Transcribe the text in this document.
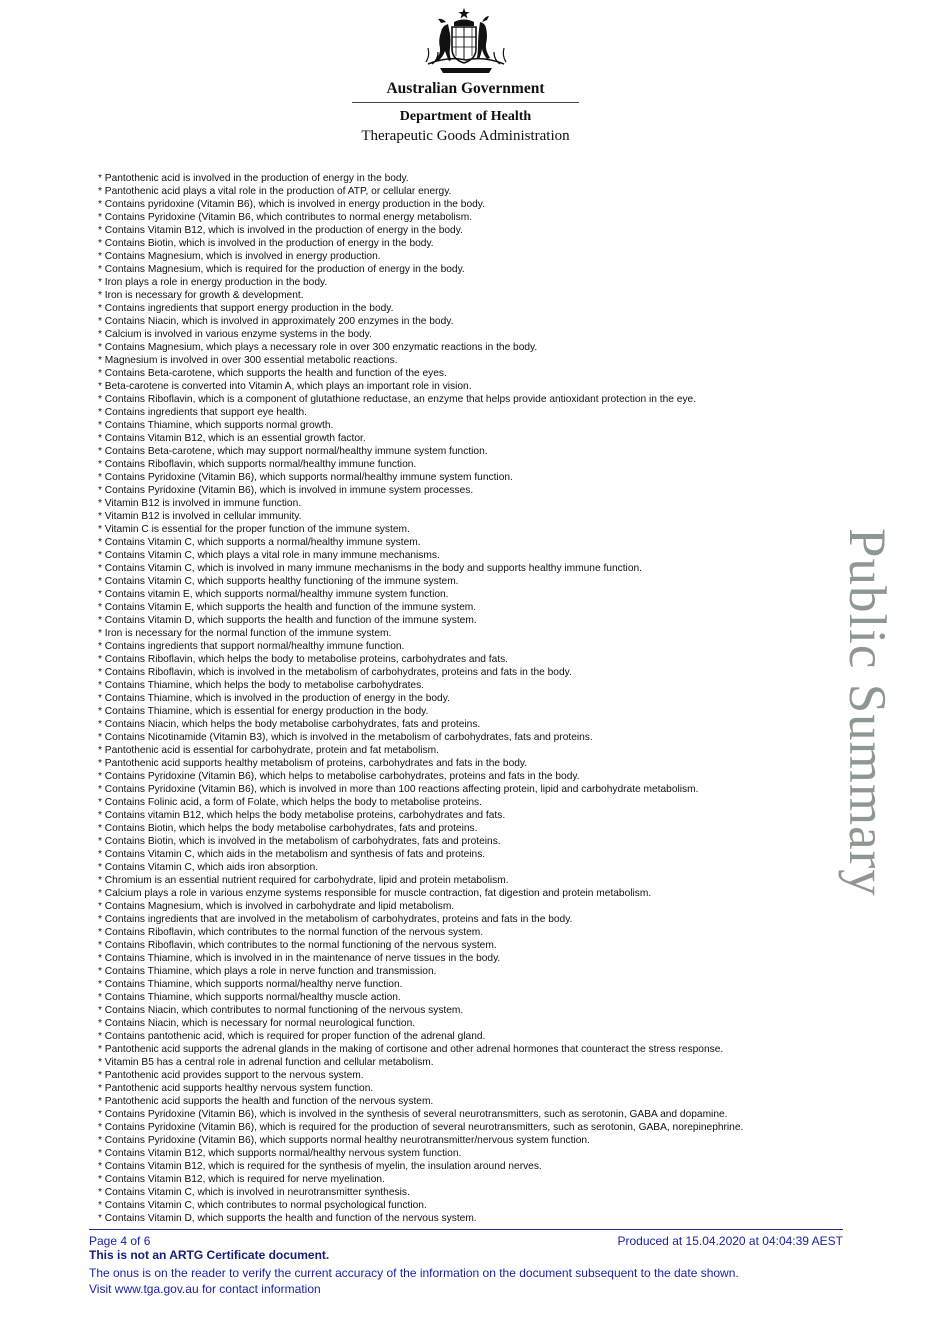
Australian Government
Department of Health
Therapeutic Goods Administration
* Pantothenic acid is involved in the production of energy in the body.
* Pantothenic acid plays a vital role in the production of ATP, or cellular energy.
* Contains pyridoxine (Vitamin B6), which is involved in energy production in the body.
* Contains Pyridoxine (Vitamin B6, which contributes to normal energy metabolism.
* Contains Vitamin B12, which is involved in the production of energy in the body.
* Contains Biotin, which is involved in the production of energy in the body.
* Contains Magnesium, which is involved in energy production.
* Contains Magnesium, which is required for the production of energy in the body.
* Iron plays a role in energy production in the body.
* Iron is necessary for growth & development.
* Contains ingredients that support energy production in the body.
* Contains Niacin, which is involved in approximately 200 enzymes in the body.
* Calcium is involved in various enzyme systems in the body.
* Contains Magnesium, which plays a necessary role in over 300 enzymatic reactions in the body.
* Magnesium is involved in over 300 essential metabolic reactions.
* Contains Beta-carotene, which supports the health and function of the eyes.
* Beta-carotene is converted into Vitamin A, which plays an important role in vision.
* Contains Riboflavin, which is a component of glutathione reductase, an enzyme that helps provide antioxidant protection in the eye.
* Contains ingredients that support eye health.
* Contains Thiamine, which supports normal growth.
* Contains Vitamin B12, which is an essential growth factor.
* Contains Beta-carotene, which may support normal/healthy immune system function.
* Contains Riboflavin, which supports normal/healthy immune function.
* Contains Pyridoxine (Vitamin B6), which supports normal/healthy immune system function.
* Contains Pyridoxine (Vitamin B6), which is involved in immune system processes.
* Vitamin B12 is involved in immune function.
* Vitamin B12 is involved in cellular immunity.
* Vitamin C is essential for the proper function of the immune system.
* Contains Vitamin C, which supports a normal/healthy immune system.
* Contains Vitamin C, which plays a vital role in many immune mechanisms.
* Contains Vitamin C, which is involved in many immune mechanisms in the body and supports healthy immune function.
* Contains Vitamin C, which supports healthy functioning of the immune system.
* Contains vitamin E, which supports normal/healthy immune system function.
* Contains Vitamin E, which supports the health and function of the immune system.
* Contains Vitamin D, which supports the health and function of the immune system.
* Iron is necessary for the normal function of the immune system.
* Contains ingredients that support normal/healthy immune function.
* Contains Riboflavin, which helps the body to metabolise proteins, carbohydrates and fats.
* Contains Riboflavin, which is involved in the metabolism of carbohydrates, proteins and fats in the body.
* Contains Thiamine, which helps the body to metabolise carbohydrates.
* Contains Thiamine, which is involved in the production of energy in the body.
* Contains Thiamine, which is essential for energy production in the body.
* Contains Niacin, which helps the body metabolise carbohydrates, fats and proteins.
* Contains Nicotinamide (Vitamin B3), which is involved in the metabolism of carbohydrates, fats and proteins.
* Pantothenic acid is essential for carbohydrate, protein and fat metabolism.
* Pantothenic acid supports healthy metabolism of proteins, carbohydrates and fats in the body.
* Contains Pyridoxine (Vitamin B6), which helps to metabolise carbohydrates, proteins and fats in the body.
* Contains Pyridoxine (Vitamin B6), which is involved in more than 100 reactions affecting protein, lipid and carbohydrate metabolism.
* Contains Folinic acid, a form of Folate, which helps the body to metabolise proteins.
* Contains vitamin B12, which helps the body metabolise proteins, carbohydrates and fats.
* Contains Biotin, which helps the body metabolise carbohydrates, fats and proteins.
* Contains Biotin, which is involved in the metabolism of carbohydrates, fats and proteins.
* Contains Vitamin C, which aids in the metabolism and synthesis of fats and proteins.
* Contains Vitamin C, which aids iron absorption.
* Chromium is an essential nutrient required for carbohydrate, lipid and protein metabolism.
* Calcium plays a role in various enzyme systems responsible for muscle contraction, fat digestion and protein metabolism.
* Contains Magnesium, which is involved in carbohydrate and lipid metabolism.
* Contains ingredients that are involved in the metabolism of carbohydrates, proteins and fats in the body.
* Contains Riboflavin, which contributes to the normal function of the nervous system.
* Contains Riboflavin, which contributes to the normal functioning of the nervous system.
* Contains Thiamine, which is involved in in the maintenance of nerve tissues in the body.
* Contains Thiamine, which plays a role in nerve function and transmission.
* Contains Thiamine, which supports normal/healthy nerve function.
* Contains Thiamine, which supports normal/healthy muscle action.
* Contains Niacin, which contributes to normal functioning of the nervous system.
* Contains Niacin, which is necessary for normal neurological function.
* Contains pantothenic acid, which is required for proper function of the adrenal gland.
* Pantothenic acid supports the adrenal glands in the making of cortisone and other adrenal hormones that counteract the stress response.
* Vitamin B5 has a central role in adrenal function and cellular metabolism.
* Pantothenic acid provides support to the nervous system.
* Pantothenic acid supports healthy nervous system function.
* Pantothenic acid supports the health and function of the nervous system.
* Contains Pyridoxine (Vitamin B6), which is involved in the synthesis of several neurotransmitters, such as serotonin, GABA and dopamine.
* Contains Pyridoxine (Vitamin B6), which is required for the production of several neurotransmitters, such as serotonin, GABA, norepinephrine.
* Contains Pyridoxine (Vitamin B6), which supports normal healthy neurotransmitter/nervous system function.
* Contains Vitamin B12, which supports normal/healthy nervous system function.
* Contains Vitamin B12, which is required for the synthesis of myelin, the insulation around nerves.
* Contains Vitamin B12, which is required for nerve myelination.
* Contains Vitamin C, which is involved in neurotransmitter synthesis.
* Contains Vitamin C, which contributes to normal psychological function.
* Contains Vitamin D, which supports the health and function of the nervous system.
Public Summary
Page 4 of 6	Produced at 15.04.2020 at 04:04:39 AEST
This is not an ARTG Certificate document.
The onus is on the reader to verify the current accuracy of the information on the document subsequent to the date shown.
Visit www.tga.gov.au for contact information
